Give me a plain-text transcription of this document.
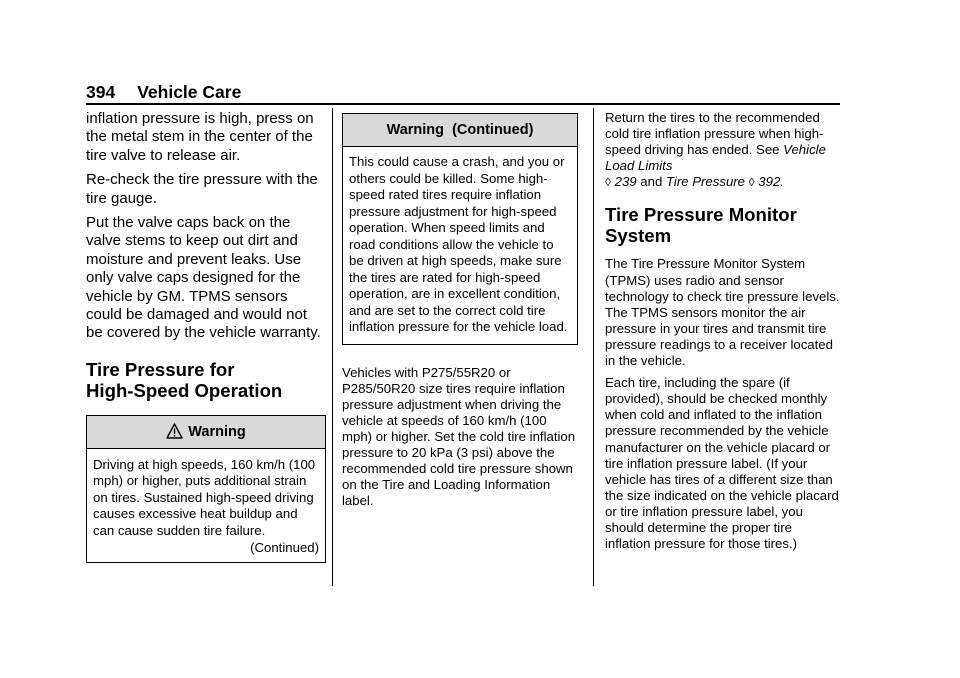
394 Vehicle Care

inflation pressure is high, press on the metal stem in the center of the tire valve to release air.

Re-check the tire pressure with the tire gauge.

Put the valve caps back on the valve stems to keep out dirt and moisture and prevent leaks. Use only valve caps designed for the vehicle by GM. TPMS sensors could be damaged and would not be covered by the vehicle warranty.

Tire Pressure for
High-Speed Operation
Warning
Driving at high speeds, 160 km/h (100 mph) or higher, puts additional strain on tires. Sustained high-speed driving causes excessive heat buildup and can cause sudden tire failure.
(Continued)
Warning  (Continued)
This could cause a crash, and you or others could be killed. Some high-speed rated tires require inflation pressure adjustment for high-speed operation. When speed limits and road conditions allow the vehicle to be driven at high speeds, make sure the tires are rated for high-speed operation, are in excellent condition, and are set to the correct cold tire inflation pressure for the vehicle load.

Vehicles with P275/55R20 or P285/50R20 size tires require inflation pressure adjustment when driving the vehicle at speeds of 160 km/h (100 mph) or higher. Set the cold tire inflation pressure to 20 kPa (3 psi) above the recommended cold tire pressure shown on the Tire and Loading Information label.

Return the tires to the recommended cold tire inflation pressure when high-speed driving has ended. See Vehicle Load Limits
◊ 239 and Tire Pressure ◊ 392.

Tire Pressure Monitor
System

The Tire Pressure Monitor System (TPMS) uses radio and sensor technology to check tire pressure levels. The TPMS sensors monitor the air pressure in your tires and transmit tire pressure readings to a receiver located in the vehicle.

Each tire, including the spare (if provided), should be checked monthly when cold and inflated to the inflation pressure recommended by the vehicle manufacturer on the vehicle placard or tire inflation pressure label. (If your vehicle has tires of a different size than the size indicated on the vehicle placard or tire inflation pressure label, you should determine the proper tire inflation pressure for those tires.)
